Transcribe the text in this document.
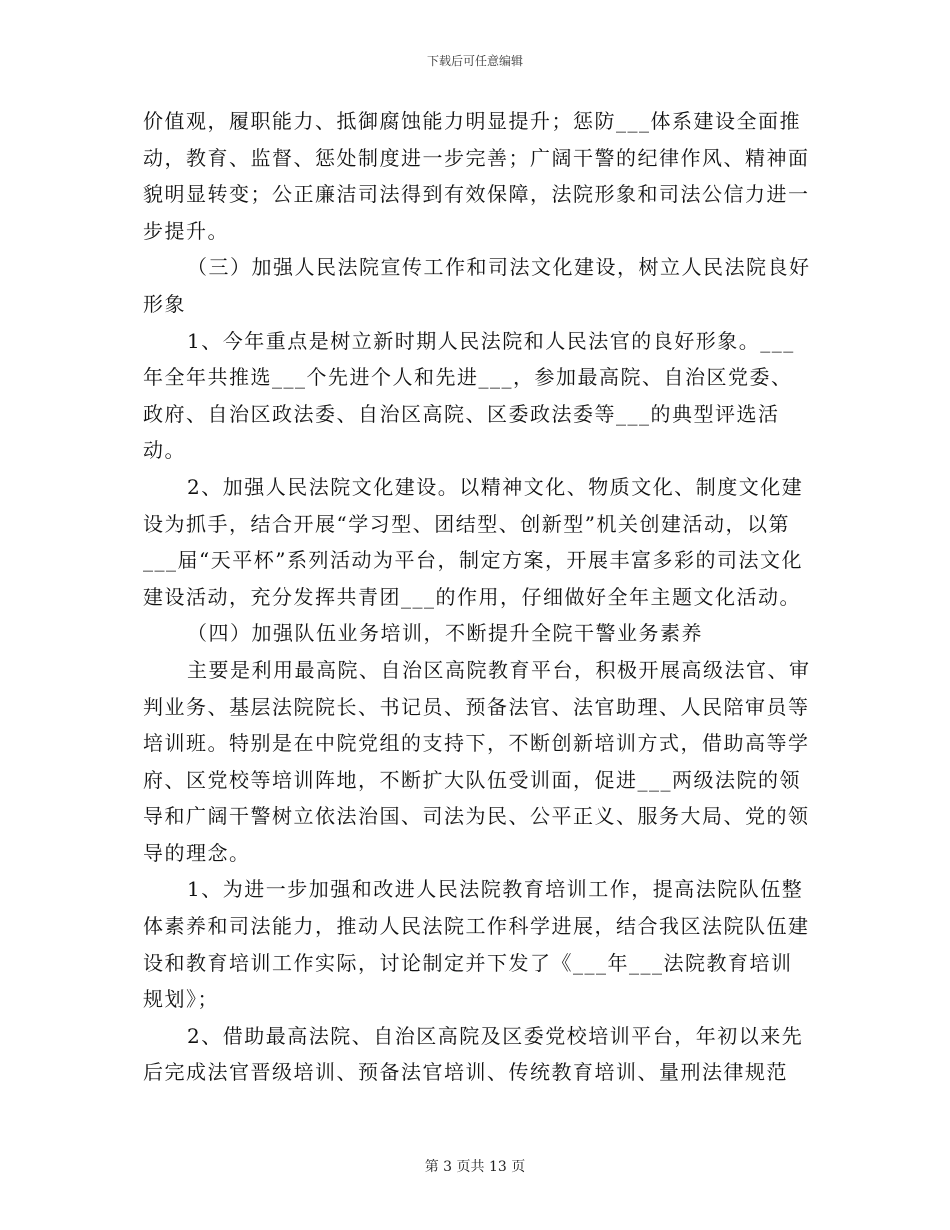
下载后可任意编辑

价值观，履职能力、抵御腐蚀能力明显提升；惩防___体系建设全面推动，教育、监督、惩处制度进一步完善；广阔干警的纪律作风、精神面貌明显转变；公正廉洁司法得到有效保障，法院形象和司法公信力进一步提升。

（三）加强人民法院宣传工作和司法文化建设，树立人民法院良好形象

1、今年重点是树立新时期人民法院和人民法官的良好形象。___年全年共推选___个先进个人和先进___，参加最高院、自治区党委、政府、自治区政法委、自治区高院、区委政法委等___的典型评选活动。

2、加强人民法院文化建设。以精神文化、物质文化、制度文化建设为抓手，结合开展“学习型、团结型、创新型”机关创建活动，以第___届“天平杯”系列活动为平台，制定方案，开展丰富多彩的司法文化建设活动，充分发挥共青团___的作用，仔细做好全年主题文化活动。

（四）加强队伍业务培训，不断提升全院干警业务素养

主要是利用最高院、自治区高院教育平台，积极开展高级法官、审判业务、基层法院院长、书记员、预备法官、法官助理、人民陪审员等培训班。特别是在中院党组的支持下，不断创新培训方式，借助高等学府、区党校等培训阵地，不断扩大队伍受训面，促进___两级法院的领导和广阔干警树立依法治国、司法为民、公平正义、服务大局、党的领导的理念。

1、为进一步加强和改进人民法院教育培训工作，提高法院队伍整体素养和司法能力，推动人民法院工作科学进展，结合我区法院队伍建设和教育培训工作实际，讨论制定并下发了《___年___法院教育培训规划》；

2、借助最高法院、自治区高院及区委党校培训平台，年初以来先后完成法官晋级培训、预备法官培训、传统教育培训、量刑法律规范

第 3 页共 13 页
